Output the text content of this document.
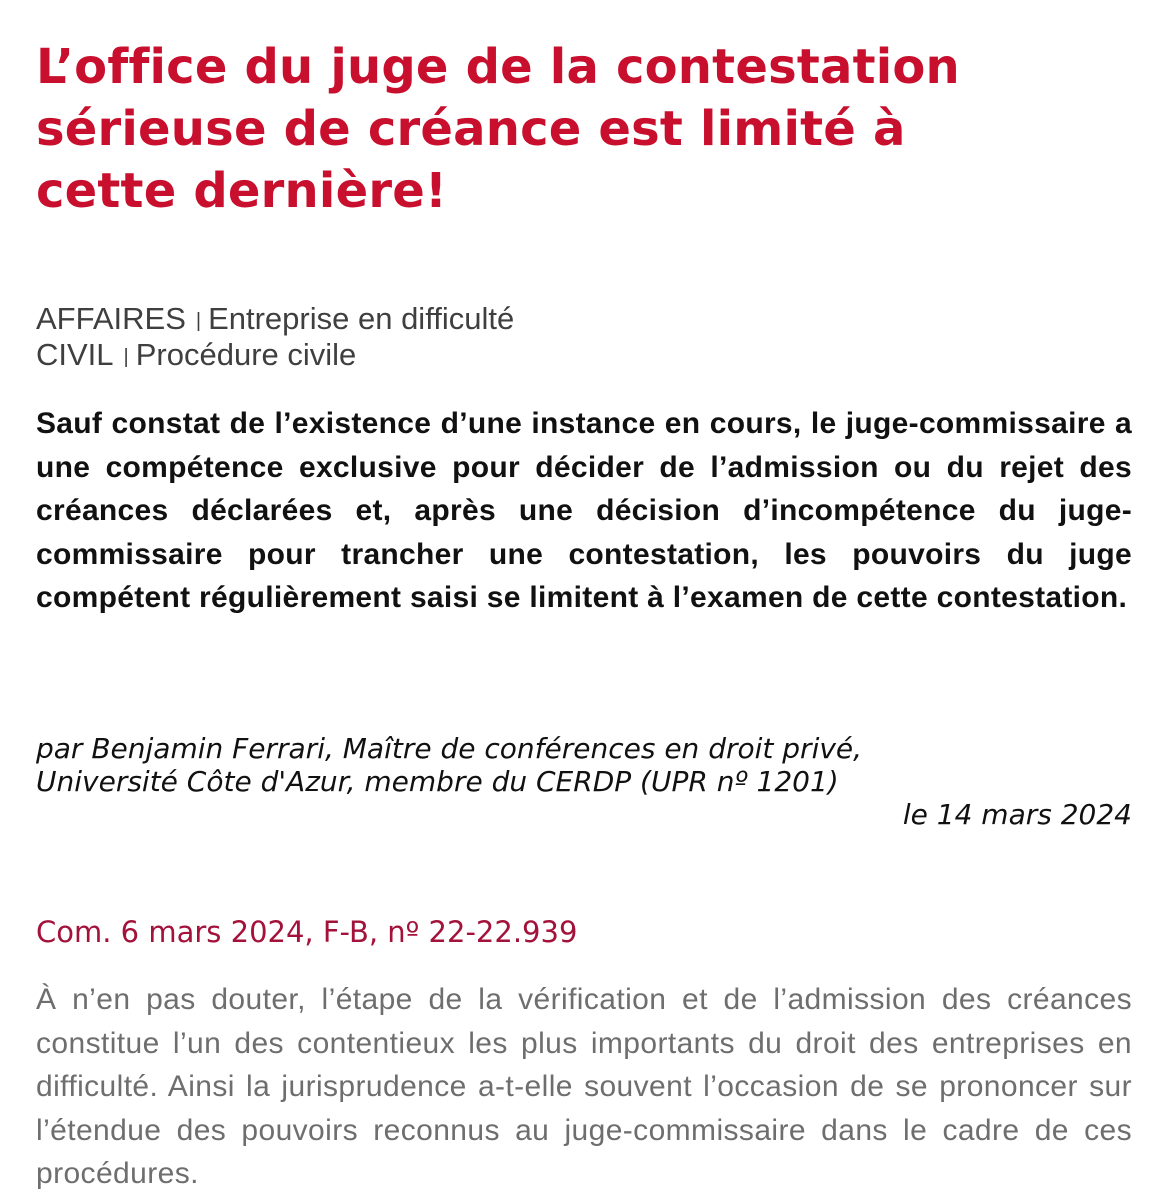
L’office du juge de la contestation sérieuse de créance est limité à cette dernière!
AFFAIRES | Entreprise en difficulté
CIVIL | Procédure civile

Sauf constat de l’existence d’une instance en cours, le juge-commissaire a une compétence exclusive pour décider de l’admission ou du rejet des créances déclarées et, après une décision d’incompétence du juge-commissaire pour trancher une contestation, les pouvoirs du juge compétent régulièrement saisi se limitent à l’examen de cette contestation.

par Benjamin Ferrari, Maître de conférences en droit privé,
Université Côte d'Azur, membre du CERDP (UPR nº 1201)
le 14 mars 2024

Com. 6 mars 2024, F-B, nº 22-22.939

À n’en pas douter, l’étape de la vérification et de l’admission des créances constitue l’un des contentieux les plus importants du droit des entreprises en difficulté. Ainsi la jurisprudence a-t-elle souvent l’occasion de se prononcer sur l’étendue des pouvoirs reconnus au juge-commissaire dans le cadre de ces procédures.
